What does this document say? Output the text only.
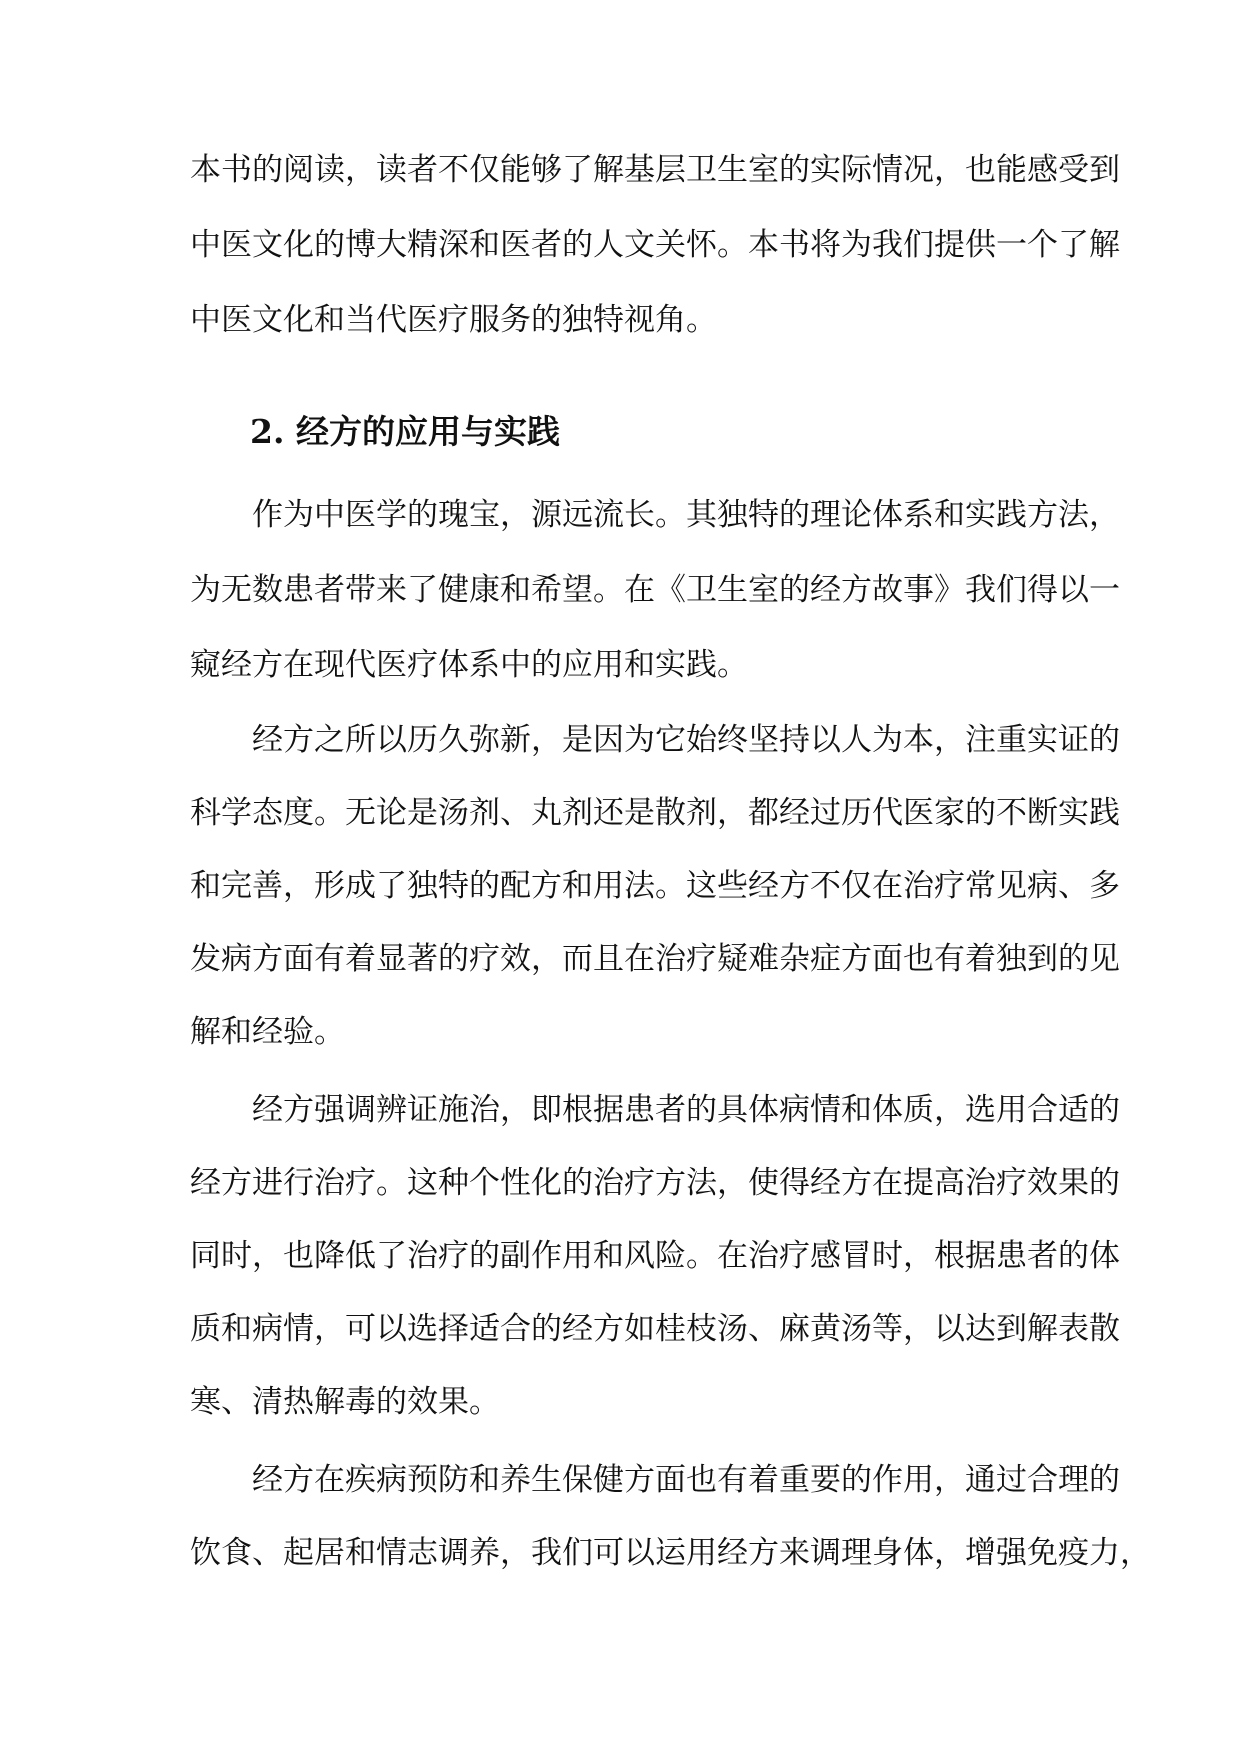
本书的阅读，读者不仅能够了解基层卫生室的实际情况，也能感受到
中医文化的博大精深和医者的人文关怀。本书将为我们提供一个了解
中医文化和当代医疗服务的独特视角。
2. 经方的应用与实践
　　作为中医学的瑰宝，源远流长。其独特的理论体系和实践方法，
为无数患者带来了健康和希望。在《卫生室的经方故事》我们得以一
窥经方在现代医疗体系中的应用和实践。
　　经方之所以历久弥新，是因为它始终坚持以人为本，注重实证的
科学态度。无论是汤剂、丸剂还是散剂，都经过历代医家的不断实践
和完善，形成了独特的配方和用法。这些经方不仅在治疗常见病、多
发病方面有着显著的疗效，而且在治疗疑难杂症方面也有着独到的见
解和经验。
　　经方强调辨证施治，即根据患者的具体病情和体质，选用合适的
经方进行治疗。这种个性化的治疗方法，使得经方在提高治疗效果的
同时，也降低了治疗的副作用和风险。在治疗感冒时，根据患者的体
质和病情，可以选择适合的经方如桂枝汤、麻黄汤等，以达到解表散
寒、清热解毒的效果。
　　经方在疾病预防和养生保健方面也有着重要的作用，通过合理的
饮食、起居和情志调养，我们可以运用经方来调理身体，增强免疫力，
